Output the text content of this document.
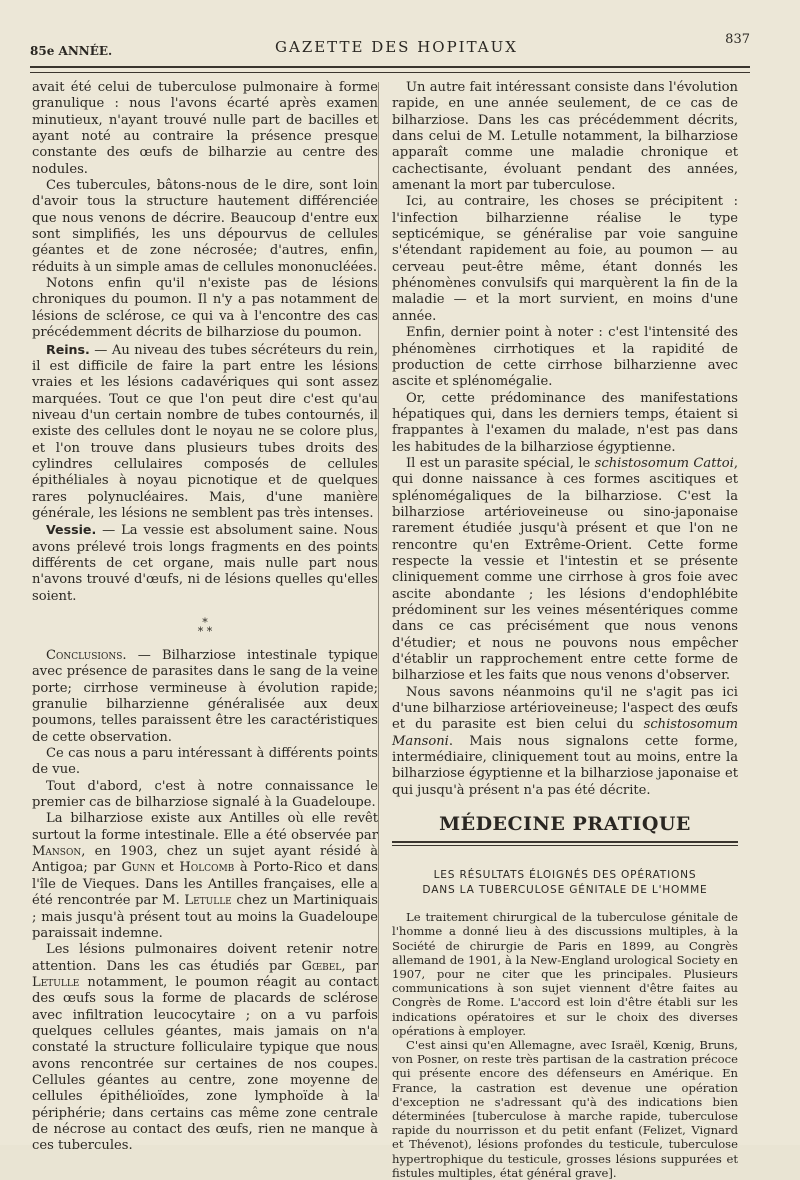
85e ANNÉE.	GAZETTE DES HOPITAUX	837

avait été celui de tuberculose pulmonaire à forme granulique : nous l'avons écarté après examen minutieux, n'ayant trouvé nulle part de bacilles et ayant noté au contraire la présence presque constante des œufs de bilharzie au centre des nodules.

Ces tubercules, bâtons-nous de le dire, sont loin d'avoir tous la structure hautement différenciée que nous venons de décrire. Beaucoup d'entre eux sont simplifiés, les uns dépourvus de cellules géantes et de zone nécrosée; d'autres, enfin, réduits à un simple amas de cellules mononucléées.

Notons enfin qu'il n'existe pas de lésions chroniques du poumon. Il n'y a pas notamment de lésions de sclérose, ce qui va à l'encontre des cas précédemment décrits de bilharziose du poumon.

Reins. — Au niveau des tubes sécréteurs du rein, il est difficile de faire la part entre les lésions vraies et les lésions cadavériques qui sont assez marquées. Tout ce que l'on peut dire c'est qu'au niveau d'un certain nombre de tubes contournés, il existe des cellules dont le noyau ne se colore plus, et l'on trouve dans plusieurs tubes droits des cylindres cellulaires composés de cellules épithéliales à noyau picnotique et de quelques rares polynucléaires. Mais, d'une manière générale, les lésions ne semblent pas très intenses.

Vessie. — La vessie est absolument saine. Nous avons prélevé trois longs fragments en des points différents de cet organe, mais nulle part nous n'avons trouvé d'œufs, ni de lésions quelles qu'elles soient.

*
* *

Conclusions. — Bilharziose intestinale typique avec présence de parasites dans le sang de la veine porte; cirrhose vermineuse à évolution rapide; granulie bilharzienne généralisée aux deux poumons, telles paraissent être les caractéristiques de cette observation.

Ce cas nous a paru intéressant à différents points de vue.

Tout d'abord, c'est à notre connaissance le premier cas de bilharziose signalé à la Guadeloupe.

La bilharziose existe aux Antilles où elle revêt surtout la forme intestinale. Elle a été observée par Manson, en 1903, chez un sujet ayant résidé à Antigoa; par Gunn et Holcomb à Porto-Rico et dans l'île de Vieques. Dans les Antilles françaises, elle a été rencontrée par M. Letulle chez un Martiniquais ; mais jusqu'à présent tout au moins la Guadeloupe paraissait indemne.

Les lésions pulmonaires doivent retenir notre attention. Dans les cas étudiés par Gœbel, par Letulle notamment, le poumon réagit au contact des œufs sous la forme de placards de sclérose avec infiltration leucocytaire ; on a vu parfois quelques cellules géantes, mais jamais on n'a constaté la structure folliculaire typique que nous avons rencontrée sur certaines de nos coupes. Cellules géantes au centre, zone moyenne de cellules épithélioïdes, zone lymphoïde à la périphérie; dans certains cas même zone centrale de nécrose au contact des œufs, rien ne manque à ces tubercules.

Un autre fait intéressant consiste dans l'évolution rapide, en une année seulement, de ce cas de bilharziose. Dans les cas précédemment décrits, dans celui de M. Letulle notamment, la bilharziose apparaît comme une maladie chronique et cachectisante, évoluant pendant des années, amenant la mort par tuberculose.

Ici, au contraire, les choses se précipitent : l'infection bilharzienne réalise le type septicémique, se généralise par voie sanguine s'étendant rapidement au foie, au poumon — au cerveau peut-être même, étant donnés les phénomènes convulsifs qui marquèrent la fin de la maladie — et la mort survient, en moins d'une année.

Enfin, dernier point à noter : c'est l'intensité des phénomènes cirrhotiques et la rapidité de production de cette cirrhose bilharzienne avec ascite et splénomégalie.

Or, cette prédominance des manifestations hépatiques qui, dans les derniers temps, étaient si frappantes à l'examen du malade, n'est pas dans les habitudes de la bilharziose égyptienne.

Il est un parasite spécial, le schistosomum Cattoi, qui donne naissance à ces formes ascitiques et splénomégaliques de la bilharziose. C'est la bilharziose artérioveineuse ou sino-japonaise rarement étudiée jusqu'à présent et que l'on ne rencontre qu'en Extrême-Orient. Cette forme respecte la vessie et l'intestin et se présente cliniquement comme une cirrhose à gros foie avec ascite abondante ; les lésions d'endophlébite prédominent sur les veines mésentériques comme dans ce cas précisément que nous venons d'étudier; et nous ne pouvons nous empêcher d'établir un rapprochement entre cette forme de bilharziose et les faits que nous venons d'observer.

Nous savons néanmoins qu'il ne s'agit pas ici d'une bilharziose artérioveineuse; l'aspect des œufs et du parasite est bien celui du schistosomum Mansoni. Mais nous signalons cette forme, intermédiaire, cliniquement tout au moins, entre la bilharziose égyptienne et la bilharziose japonaise et qui jusqu'à présent n'a pas été décrite.

MÉDECINE PRATIQUE
LES RÉSULTATS ÉLOIGNÉS DES OPÉRATIONS
DANS LA TUBERCULOSE GÉNITALE DE L'HOMME

Le traitement chirurgical de la tuberculose génitale de l'homme a donné lieu à des discussions multiples, à la Société de chirurgie de Paris en 1899, au Congrès allemand de 1901, à la New-England urological Society en 1907, pour ne citer que les principales. Plusieurs communications à son sujet viennent d'être faites au Congrès de Rome. L'accord est loin d'être établi sur les indications opératoires et sur le choix des diverses opérations à employer.

C'est ainsi qu'en Allemagne, avec Israël, Kœnig, Bruns, von Posner, on reste très partisan de la castration précoce qui présente encore des défenseurs en Amérique. En France, la castration est devenue une opération d'exception ne s'adressant qu'à des indications bien déterminées [tuberculose à marche rapide, tuberculose rapide du nourrisson et du petit enfant (Felizet, Vignard et Thévenot), lésions profondes du testicule, tuberculose hypertrophique du testicule, grosses lésions suppurées et fistules multiples, état général grave].
